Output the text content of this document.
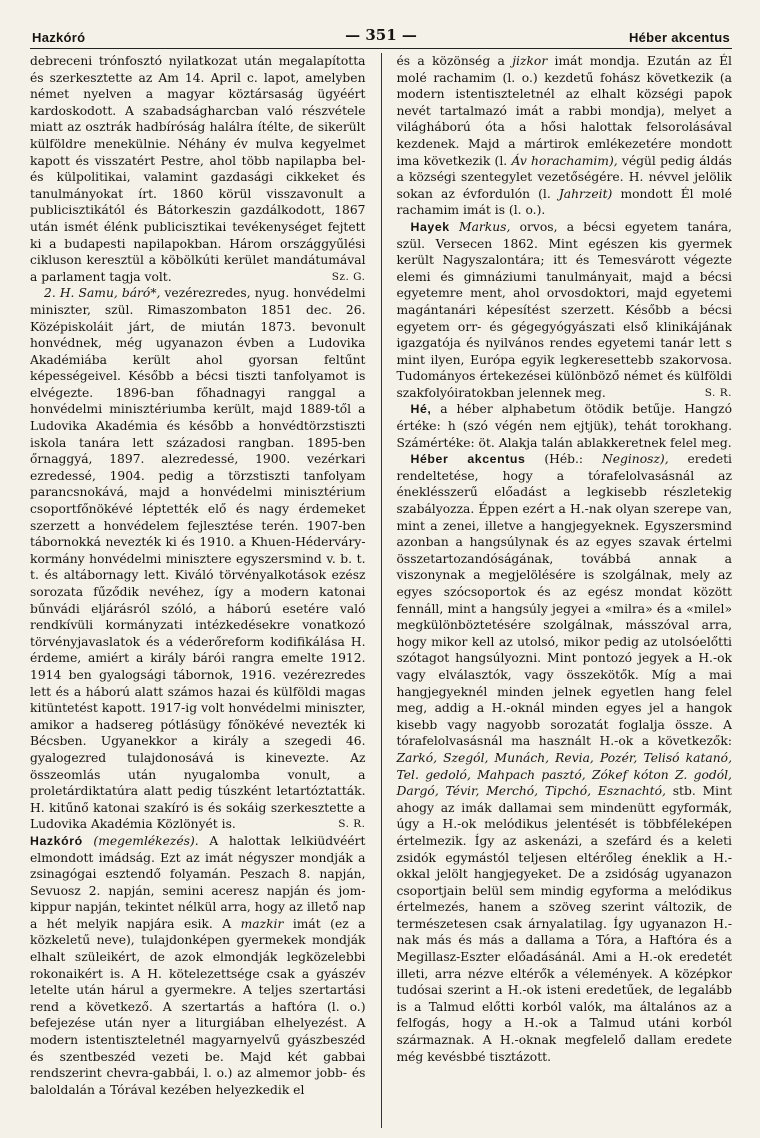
Hazkóró	— 351 —	Héber akcentus

debreceni trónfosztó nyilatkozat után megalapította és szerkesztette az Am 14. April c. lapot, amelyben német nyelven a magyar köztársaság ügyéért kardoskodott. A szabadságharcban való részvétele miatt az osztrák hadbíróság halálra ítélte, de sikerült külföldre menekülnie. Néhány év mulva kegyelmet kapott és visszatért Pestre, ahol több napilapba bel- és külpolitikai, valamint gazdasági cikkeket és tanulmányokat írt. 1860 körül visszavonult a publicisztikától és Bátorkeszin gazdálkodott, 1867 után ismét élénk publicisztikai tevékenységet fejtett ki a budapesti napilapokban. Három országgyűlési cikluson keresztül a köbölkúti kerület mandátumával a parlament tagja volt.	Sz. G.

2. H. Samu, báró*, vezérezredes, nyug. honvédelmi miniszter, szül. Rimaszombaton 1851 dec. 26. Középiskoláit járt, de miután 1873. bevonult honvédnek, még ugyanazon évben a Ludovika Akadémiába került ahol gyorsan feltűnt képességeivel. Később a bécsi tiszti tanfolyamot is elvégezte. 1896-ban főhadnagyi ranggal a honvédelmi minisztériumba került, majd 1889-től a Ludovika Akadémia és később a honvédtörzstiszti iskola tanára lett századosi rangban. 1895-ben őrnaggyá, 1897. alezredessé, 1900. vezérkari ezredessé, 1904. pedig a törzstiszti tanfolyam parancsnokává, majd a honvédelmi minisztérium csoportfőnökévé léptették elő és nagy érdemeket szerzett a honvédelem fejlesztése terén. 1907-ben tábornokká nevezték ki és 1910. a Khuen-Héderváry-kormány honvédelmi minisztere egyszersmind v. b. t. t. és altábornagy lett. Kiváló törvényalkotások ezész sorozata fűződik nevéhez, így a modern katonai bűnvádi eljárásról szóló, a háború esetére való rendkívüli kormányzati intézkedésekre vonatkozó törvényjavaslatok és a véderőreform kodifikálása H. érdeme, amiért a király bárói rangra emelte 1912. 1914 ben gyalogsági tábornok, 1916. vezérezredes lett és a háború alatt számos hazai és külföldi magas kitüntetést kapott. 1917-ig volt honvédelmi miniszter, amikor a hadsereg pótlásügy főnökévé nevezték ki Bécsben. Ugyanekkor a király a szegedi 46. gyalogezred tulajdonosává is kinevezte. Az összeomlás után nyugalomba vonult, a proletárdiktatúra alatt pedig túszként letartóztatták. H. kitűnő katonai szakíró is és sokáig szerkesztette a Ludovika Akadémia Közlönyét is.	S. R.

Hazkóró (megemlékezés). A halottak lelkiüdvéért elmondott imádság. Ezt az imát négyszer mondják a zsinagógai esztendő folyamán. Peszach 8. napján, Sevuosz 2. napján, semini aceresz napján és jom-kippur napján, tekintet nélkül arra, hogy az illető nap a hét melyik napjára esik. A mazkir imát (ez a közkeletű neve), tulajdonképen gyermekek mondják elhalt szüleikért, de azok elmondják legközelebbi rokonaikért is. A H. kötelezettsége csak a gyászév letelte után hárul a gyermekre. A teljes szertartási rend a következő. A szertartás a haftóra (l. o.) befejezése után nyer a liturgiában elhelyezést. A modern istentiszteletnél magyarnyelvű gyászbeszéd és szentbeszéd vezeti be. Majd két gabbai rendszerint chevra-gabbái, l. o.) az almemor jobb- és baloldalán a Tórával kezében helyezkedik el

és a közönség a jizkor imát mondja. Ezután az Él molé rachamim (l. o.) kezdetű fohász következik (a modern istentiszteletnél az elhalt községi papok nevét tartalmazó imát a rabbi mondja), melyet a világháború óta a hősi halottak felsorolásával kezdenek. Majd a mártirok emlékezetére mondott ima következik (l. Áv horachamim), végül pedig áldás a községi szentegylet vezetőségére. H. névvel jelölik sokan az évfordulón (l. Jahrzeit) mondott Él molé rachamim imát is (l. o.).

Hayek Markus, orvos, a bécsi egyetem tanára, szül. Versecen 1862. Mint egészen kis gyermek került Nagyszalontára; itt és Temesvárott végezte elemi és gimnáziumi tanulmányait, majd a bécsi egyetemre ment, ahol orvosdoktori, majd egyetemi magántanári képesítést szerzett. Később a bécsi egyetem orr- és gégegyógyászati első klinikájának igazgatója és nyilvános rendes egyetemi tanár lett s mint ilyen, Európa egyik legkeresettebb szakorvosa. Tudományos értekezései különböző német és külföldi szakfolyóiratokban jelennek meg.	S. R.

Hé, a héber alphabetum ötödik betűje. Hangzó értéke: h (szó végén nem ejtjük), tehát torokhang. Számértéke: öt. Alakja talán ablakkeretnek felel meg.

Héber akcentus (Héb.: Neginosz), eredeti rendeltetése, hogy a tórafelolvasásnál az éneklésszerű előadást a legkisebb részletekig szabályozza. Éppen ezért a H.-nak olyan szerepe van, mint a zenei, illetve a hangjegyeknek. Egyszersmind azonban a hangsúlynak és az egyes szavak értelmi összetartozandóságának, továbbá annak a viszonynak a megjelölésére is szolgálnak, mely az egyes szócsoportok és az egész mondat között fennáll, mint a hangsúly jegyei a «milra» és a «milel» megkülönböztetésére szolgálnak, másszóval arra, hogy mikor kell az utolsó, mikor pedig az utolsóelőtti szótagot hangsúlyozni. Mint pontozó jegyek a H.-ok vagy elválasztók, vagy összekötők. Míg a mai hangjegyeknél minden jelnek egyetlen hang felel meg, addig a H.-oknál minden egyes jel a hangok kisebb vagy nagyobb sorozatát foglalja össze. A tórafelolvasásnál ma használt H.-ok a következők: Zarkó, Szegól, Munách, Revia, Pozér, Telisó katanó, Tel. gedoló, Mahpach pasztó, Zókef kóton Z. godól, Dargó, Tévir, Merchó, Tipchó, Esznachtó, stb. Mint ahogy az imák dallamai sem mindenütt egyformák, úgy a H.-ok melódikus jelentését is többféleképen értelmezik. Így az askenázi, a szefárd és a keleti zsidók egymástól teljesen eltérőleg éneklik a H.-okkal jelölt hangjegyeket. De a zsidóság ugyanazon csoportjain belül sem mindig egyforma a melódikus értelmezés, hanem a szöveg szerint változik, de természetesen csak árnyalatilag. Így ugyanazon H.-nak más és más a dallama a Tóra, a Haftóra és a Megillasz-Eszter előadásánál. Ami a H.-ok eredetét illeti, arra nézve eltérők a vélemények. A középkor tudósai szerint a H.-ok isteni eredetűek, de legalább is a Talmud előtti korból valók, ma általános az a felfogás, hogy a H.-ok a Talmud utáni korból származnak. A H.-oknak megfelelő dallam eredete még kevésbbé tisztázott.
